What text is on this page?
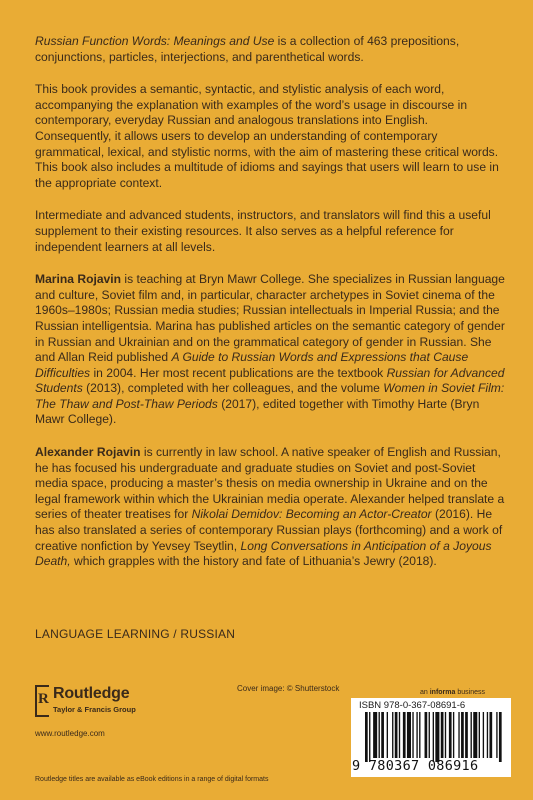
Russian Function Words: Meanings and Use is a collection of 463 prepositions, conjunctions, particles, interjections, and parenthetical words.

This book provides a semantic, syntactic, and stylistic analysis of each word, accompanying the explanation with examples of the word’s usage in discourse in contemporary, everyday Russian and analogous translations into English. Consequently, it allows users to develop an understanding of contemporary grammatical, lexical, and stylistic norms, with the aim of mastering these critical words. This book also includes a multitude of idioms and sayings that users will learn to use in the appropriate context.

Intermediate and advanced students, instructors, and translators will find this a useful supplement to their existing resources. It also serves as a helpful reference for independent learners at all levels.

Marina Rojavin is teaching at Bryn Mawr College. She specializes in Russian language and culture, Soviet film and, in particular, character archetypes in Soviet cinema of the 1960s–1980s; Russian media studies; Russian intellectuals in Imperial Russia; and the Russian intelligentsia. Marina has published articles on the semantic category of gender in Russian and Ukrainian and on the grammatical category of gender in Russian. She and Allan Reid published A Guide to Russian Words and Expressions that Cause Difficulties in 2004. Her most recent publications are the textbook Russian for Advanced Students (2013), completed with her colleagues, and the volume Women in Soviet Film: The Thaw and Post-Thaw Periods (2017), edited together with Timothy Harte (Bryn Mawr College).

Alexander Rojavin is currently in law school. A native speaker of English and Russian, he has focused his undergraduate and graduate studies on Soviet and post-Soviet media space, producing a master’s thesis on media ownership in Ukraine and on the legal framework within which the Ukrainian media operate. Alexander helped translate a series of theater treatises for Nikolai Demidov: Becoming an Actor-Creator (2016). He has also translated a series of contemporary Russian plays (forthcoming) and a work of creative nonfiction by Yevsey Tseytlin, Long Conversations in Anticipation of a Joyous Death, which grapples with the history and fate of Lithuania’s Jewry (2018).

LANGUAGE LEARNING / RUSSIAN
R Routledge
Taylor & Francis Group
www.routledge.com
Cover image: © Shutterstock	an informa business
ISBN 978-0-367-08691-6
9 780367 086916
Routledge titles are available as eBook editions in a range of digital formats
